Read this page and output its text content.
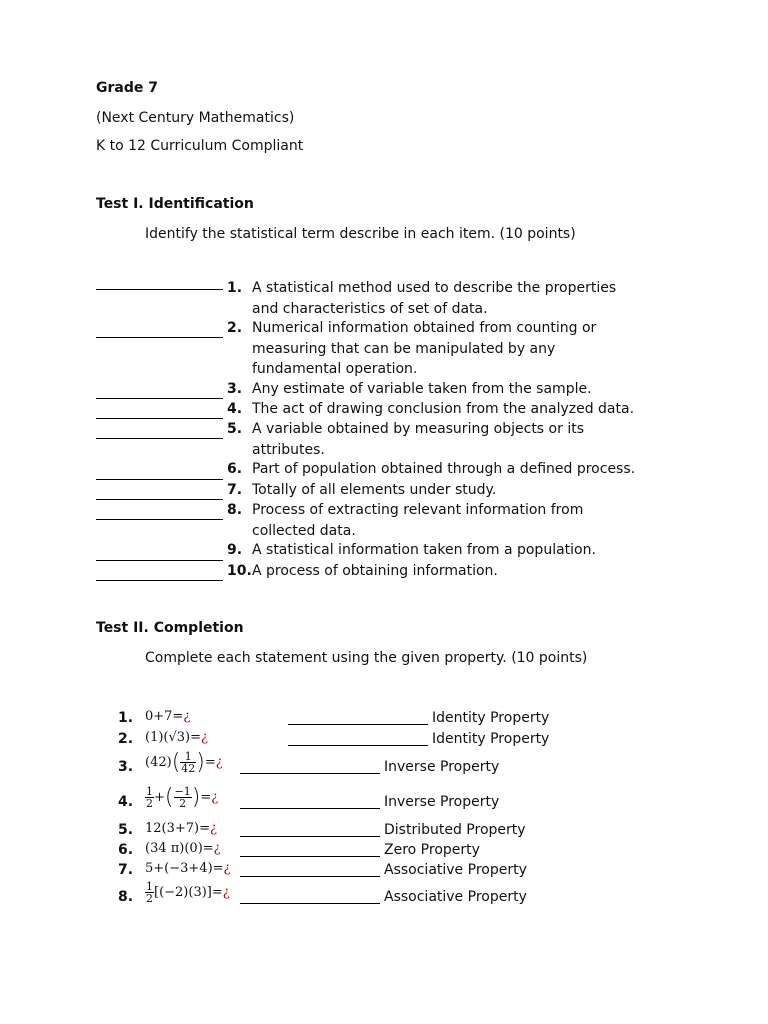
Grade 7
(Next Century Mathematics)
K to 12 Curriculum Compliant
Test I. Identification
Identify the statistical term describe in each item. (10 points)
1. A statistical method used to describe the properties
and characteristics of set of data.
2. Numerical information obtained from counting or
measuring that can be manipulated by any
fundamental operation.
3. Any estimate of variable taken from the sample.
4. The act of drawing conclusion from the analyzed data.
5. A variable obtained by measuring objects or its
attributes.
6. Part of population obtained through a defined process.
7. Totally of all elements under study.
8. Process of extracting relevant information from
collected data.
9. A statistical information taken from a population.
10. A process of obtaining information.
Test II. Completion
Complete each statement using the given property. (10 points)
1. 0+7=¿	Identity Property
2. (1)(√3)=¿	Identity Property
3. $(42)( \frac{1}{42}$ )=¿	Inverse Property
4. $\frac{1}{2}$ +( $\frac{-1}{2}$ )=¿	Inverse Property
5. 12(3+7)=¿	Distributed Property
6. (34 π)(0)=¿	Zero Property
7. 5+(−3+4)=¿	Associative Property
8. $\frac{1}{2}$ [(−2)(3)]=¿	Associative Property
